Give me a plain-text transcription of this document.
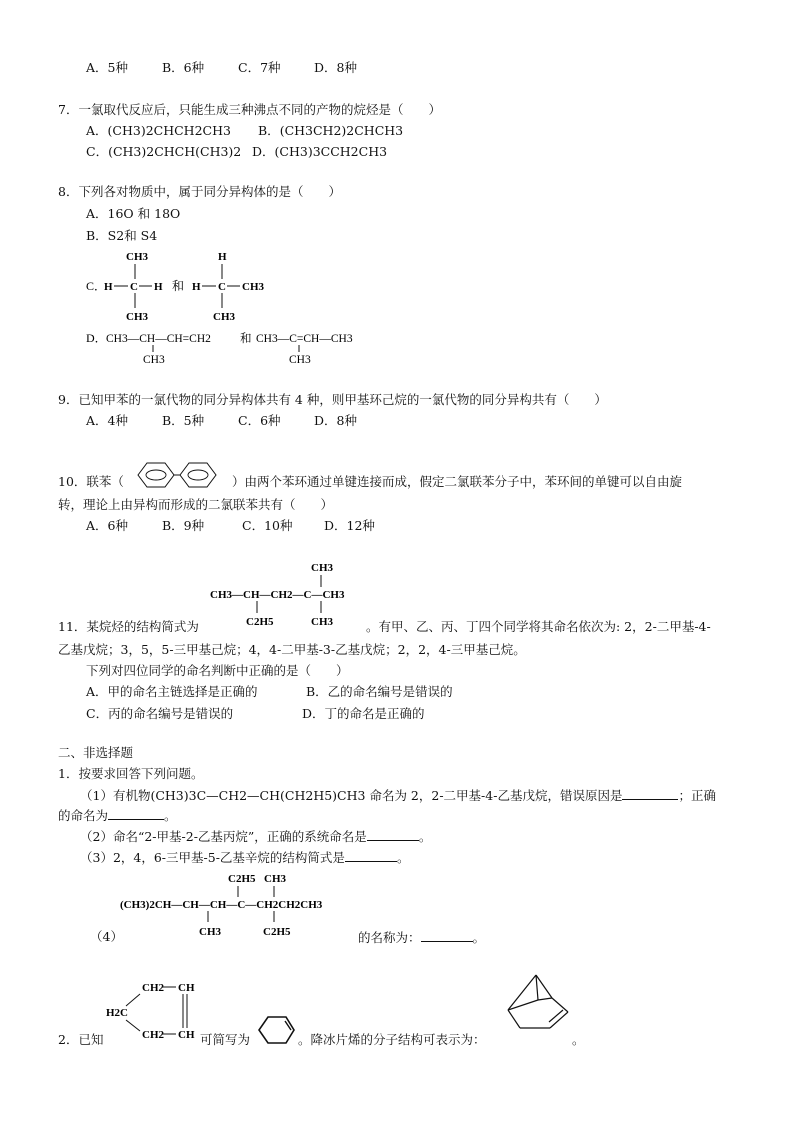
A．5种	B．6种	C．7种	D．8种
7．一氯取代反应后，只能生成三种沸点不同的产物的烷烃是（　　）
A．(CH3)2CHCH2CH3 B．(CH3CH2)2CHCH3
C．(CH3)2CHCH(CH3)2 D．(CH3)3CCH2CH3
8．下列各对物质中，属于同分异构体的是（　　）
A．16O 和 18O
B．S2和 S4
C．
CH3
H C H
CH3
和
H
H C CH3
CH3
D． CH3—CH—CH=CH2
CH3
和 CH3—C=CH—CH3
CH3
9．已知甲苯的一氯代物的同分异构体共有 4 种，则甲基环己烷的一氯代物的同分异构共有（　　）
A．4种	B．5种	C．6种	D．8种
10．联苯（	）由两个苯环通过单键连接而成，假定二氯联苯分子中，苯环间的单键可以自由旋
转，理论上由异构而形成的二氯联苯共有（　　）
A．6种	B．9种	C．10种	D．12种
CH3
CH3—CH—CH2—C—CH3
C2H5	CH3
11．某烷烃的结构简式为	。有甲、乙、丙、丁四个同学将其命名依次为: 2，2-二甲基-4-
乙基戊烷；3，5，5-三甲基己烷；4，4-二甲基-3-乙基戊烷；2，2，4-三甲基己烷。
下列对四位同学的命名判断中正确的是（　　）
A．甲的命名主链选择是正确的	B．乙的命名编号是错误的
C．丙的命名编号是错误的	D．丁的命名是正确的
二、非选择题
1．按要求回答下列问题。
（1）有机物(CH3)3C—CH2—CH(CH2H5)CH3 命名为 2，2-二甲基-4-乙基戊烷，错误原因是	；正确
的命名为	。
（2）命名“2-甲基-2-乙基丙烷”，正确的系统命名是	。
（3）2，4，6-三甲基-5-乙基辛烷的结构简式是	。
C2H5 CH3
(CH3)2CH—CH—CH—C—CH2CH2CH3
CH3	C2H5
（4）	的名称为：	。
2．已知
CH2 CH
H2C
CH2 CH 可简写为	。降冰片烯的分子结构可表示为：	。
